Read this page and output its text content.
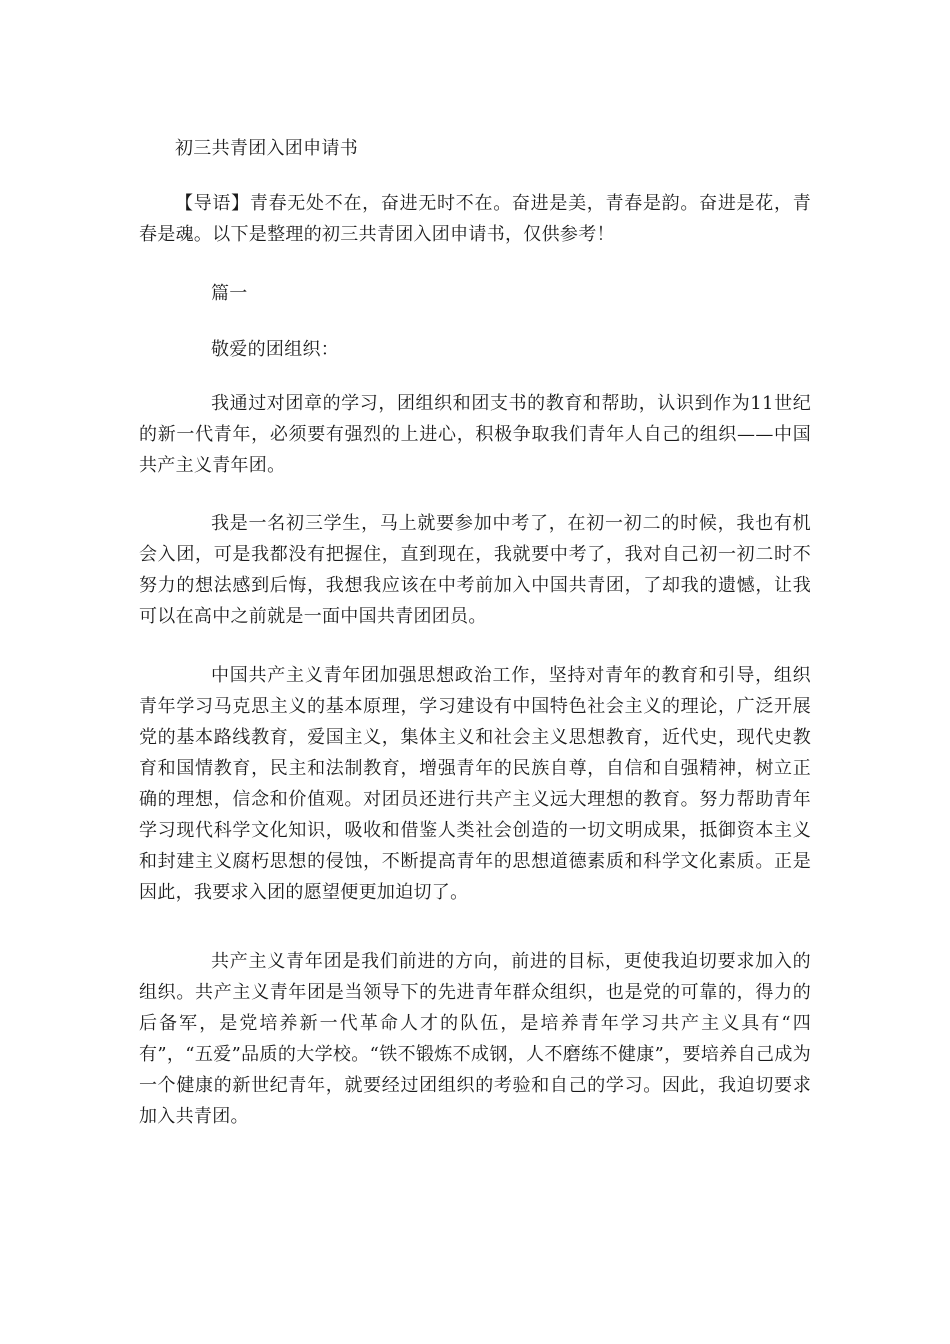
初三共青团入团申请书

【导语】青春无处不在，奋进无时不在。奋进是美，青春是韵。奋进是花，青春是魂。以下是整理的初三共青团入团申请书，仅供参考！

篇一

敬爱的团组织：

我通过对团章的学习，团组织和团支书的教育和帮助，认识到作为11世纪的新一代青年，必须要有强烈的上进心，积极争取我们青年人自己的组织——中国共产主义青年团。

我是一名初三学生，马上就要参加中考了，在初一初二的时候，我也有机会入团，可是我都没有把握住，直到现在，我就要中考了，我对自己初一初二时不努力的想法感到后悔，我想我应该在中考前加入中国共青团，了却我的遗憾，让我可以在高中之前就是一面中国共青团团员。

中国共产主义青年团加强思想政治工作，坚持对青年的教育和引导，组织青年学习马克思主义的基本原理，学习建设有中国特色社会主义的理论，广泛开展党的基本路线教育，爱国主义，集体主义和社会主义思想教育，近代史，现代史教育和国情教育，民主和法制教育，增强青年的民族自尊，自信和自强精神，树立正确的理想，信念和价值观。对团员还进行共产主义远大理想的教育。努力帮助青年学习现代科学文化知识，吸收和借鉴人类社会创造的一切文明成果，抵御资本主义和封建主义腐朽思想的侵蚀，不断提高青年的思想道德素质和科学文化素质。正是因此，我要求入团的愿望便更加迫切了。

共产主义青年团是我们前进的方向，前进的目标，更使我迫切要求加入的组织。共产主义青年团是当领导下的先进青年群众组织，也是党的可靠的，得力的后备军，是党培养新一代革命人才的队伍，是培养青年学习共产主义具有“四有”，“五爱”品质的大学校。“铁不锻炼不成钢，人不磨练不健康”，要培养自己成为一个健康的新世纪青年，就要经过团组织的考验和自己的学习。因此，我迫切要求加入共青团。
